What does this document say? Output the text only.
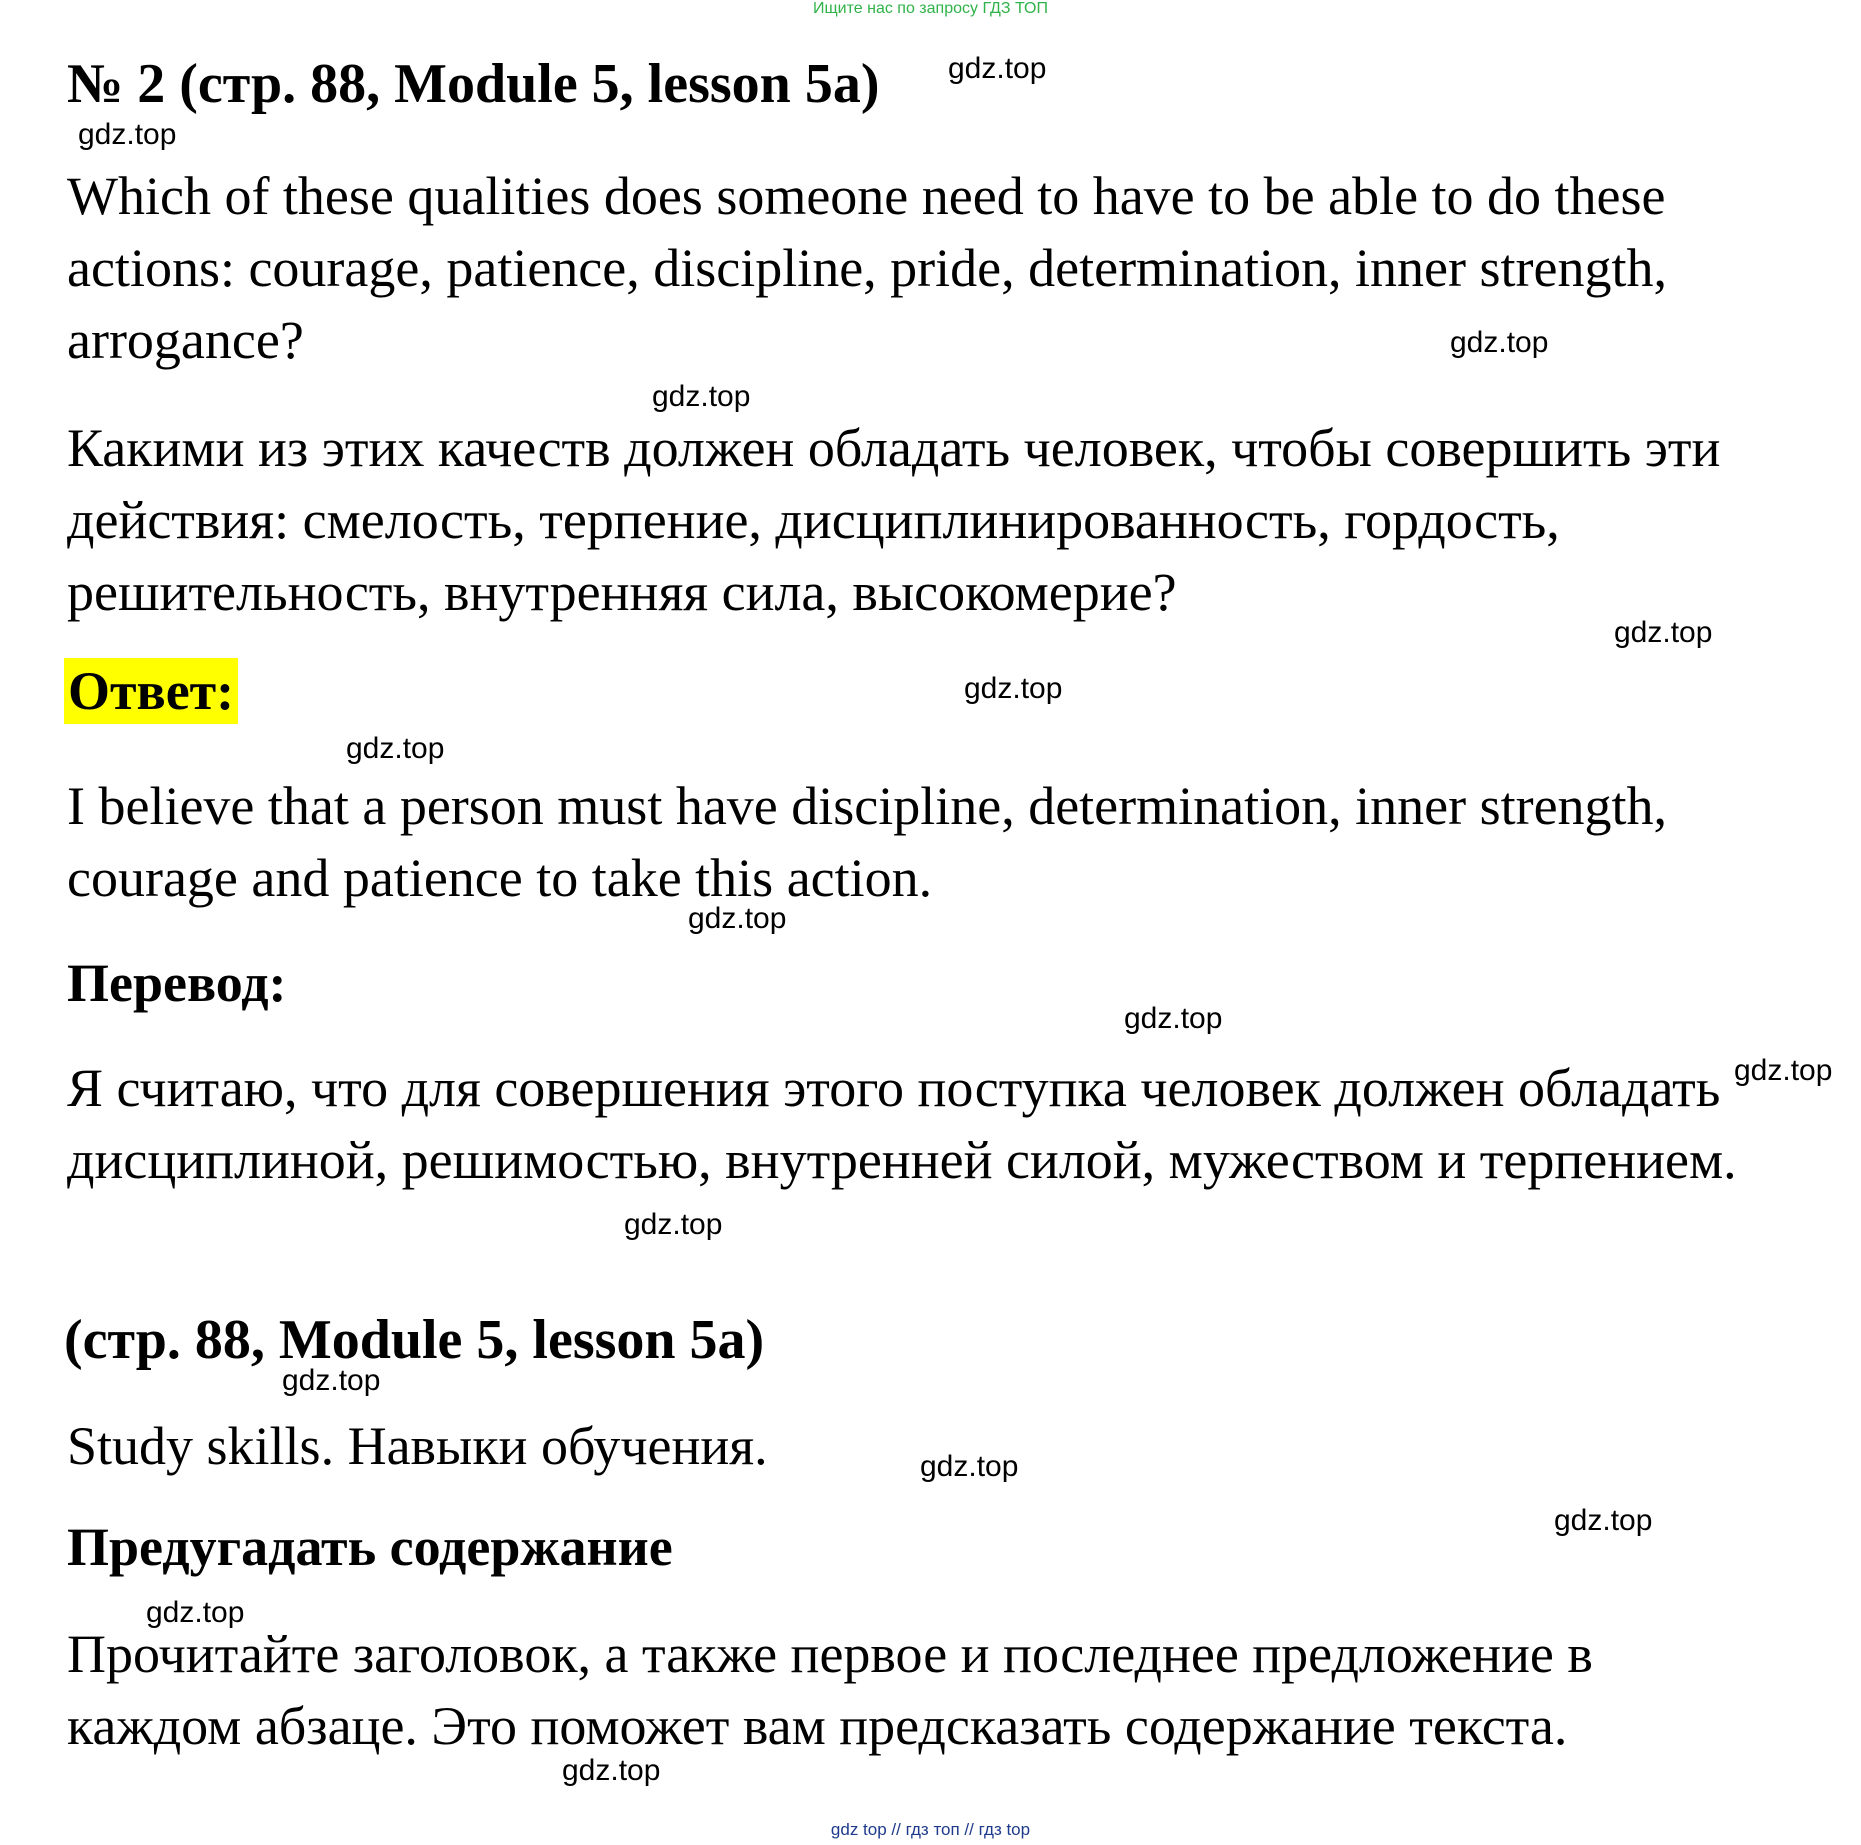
Ищите нас по запросу ГДЗ ТОП
№ 2 (стр. 88, Module 5, lesson 5a)
Which of these qualities does someone need to have to be able to do these actions: courage, patience, discipline, pride, determination, inner strength, arrogance?
Какими из этих качеств должен обладать человек, чтобы совершить эти действия: смелость, терпение, дисциплинированность, гордость, решительность, внутренняя сила, высокомерие?
Ответ:
I believe that a person must have discipline, determination, inner strength, courage and patience to take this action.
Перевод:
Я считаю, что для совершения этого поступка человек должен обладать дисциплиной, решимостью, внутренней силой, мужеством и терпением.
(стр. 88, Module 5, lesson 5a)
Study skills. Навыки обучения.
Предугадать содержание
Прочитайте заголовок, а также первое и последнее предложение в каждом абзаце. Это поможет вам предсказать содержание текста.
gdz.top
gdz.top
gdz.top
gdz.top
gdz.top
gdz.top
gdz.top
gdz.top
gdz.top
gdz.top
gdz.top
gdz.top
gdz.top
gdz.top
gdz.top
gdz.top
gdz top // гдз топ // гдз top
